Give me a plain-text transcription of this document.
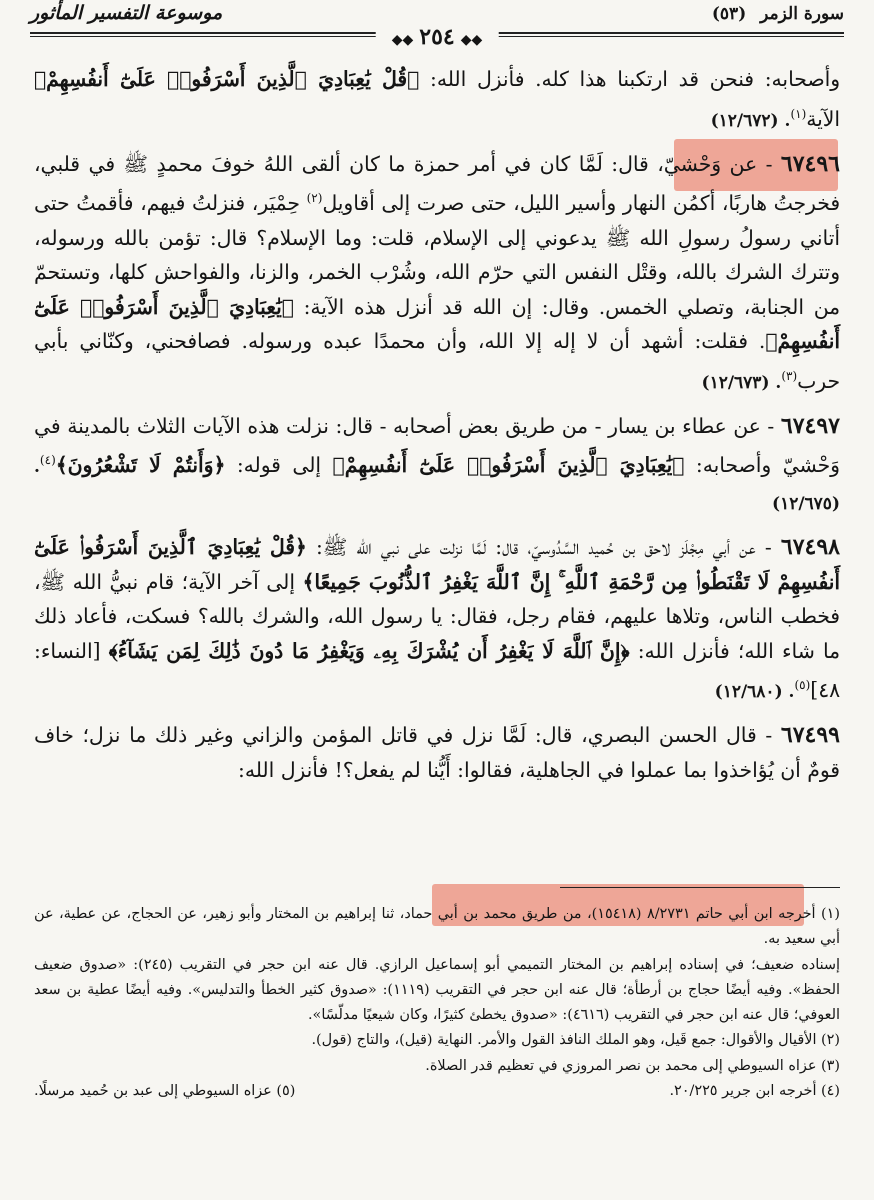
سورة الزمر (٥٣)
موسوعة التفسير المأثور
◆◆٢٥٤◆◆

وأصحابه: فنحن قد ارتكبنا هذا كله. فأنزل الله: ﴿قُلْ يَٰعِبَادِيَ ٱلَّذِينَ أَسْرَفُوا۟ عَلَىٰٓ أَنفُسِهِمْ﴾ الآية$^{(١)}$. (١٢/٦٧٢)

٦٧٤٩٦ - عن وَحْشيّ، قال: لَمَّا كان في أمر حمزة ما كان ألقى اللهُ خوفَ محمدٍ ﷺ في قلبي، فخرجتُ هاربًا، أكمُن النهار وأسير الليل، حتى صرت إلى أقاويل$^{(٢)}$ حِمْيَر، فنزلتُ فيهم، فأقمتُ حتى أتاني رسولُ رسولِ الله ﷺ يدعوني إلى الإسلام، قلت: وما الإسلام؟ قال: تؤمن بالله ورسوله، وتترك الشرك بالله، وقتْل النفس التي حرّم الله، وشُرْب الخمر، والزنا، والفواحش كلها، وتستحمّ من الجنابة، وتصلي الخمس. وقال: إن الله قد أنزل هذه الآية: ﴿يَٰعِبَادِيَ ٱلَّذِينَ أَسْرَفُوا۟ عَلَىٰٓ أَنفُسِهِمْ﴾. فقلت: أشهد أن لا إله إلا الله، وأن محمدًا عبده ورسوله. فصافحني، وكنّاني بأبي حرب$^{(٣)}$. (١٢/٦٧٣)

٦٧٤٩٧ - عن عطاء بن يسار - من طريق بعض أصحابه - قال: نزلت هذه الآيات الثلاث بالمدينة في وَحْشيّ وأصحابه: ﴿يَٰعِبَادِيَ ٱلَّذِينَ أَسْرَفُوا۟ عَلَىٰٓ أَنفُسِهِمْ﴾ إلى قوله: ﴿وَأَنتُمْ لَا تَشْعُرُونَ﴾$^{(٤)}$. (١٢/٦٧٥)

٦٧٤٩٨ - عن أبي مِجْلَز لاحق بن حُميد السَّدُوسيّ، قال: لَمَّا نزلت على نبي الله ﷺ: ﴿قُلْ يَٰعِبَادِيَ ٱلَّذِينَ أَسْرَفُوا۟ عَلَىٰٓ أَنفُسِهِمْ لَا تَقْنَطُوا۟ مِن رَّحْمَةِ ٱللَّهِ ۚ إِنَّ ٱللَّهَ يَغْفِرُ ٱلذُّنُوبَ جَمِيعًا﴾ إلى آخر الآية؛ قام نبيُّ الله ﷺ، فخطب الناس، وتلاها عليهم، فقام رجل، فقال: يا رسول الله، والشرك بالله؟ فسكت، فأعاد ذلك ما شاء الله؛ فأنزل الله: ﴿إِنَّ ٱللَّهَ لَا يَغْفِرُ أَن يُشْرَكَ بِهِۦ وَيَغْفِرُ مَا دُونَ ذَٰلِكَ لِمَن يَشَآءُ﴾ [النساء: ٤٨]$^{(٥)}$. (١٢/٦٨٠)

٦٧٤٩٩ - قال الحسن البصري، قال: لَمَّا نزل في قاتل المؤمن والزاني وغير ذلك ما نزل؛ خاف قومٌ أن يُؤاخذوا بما عملوا في الجاهلية، فقالوا: أَيُّنا لم يفعل؟! فأنزل الله:

(١) أخرجه ابن أبي حاتم ٨/٢٧٣١ (١٥٤١٨)، من طريق محمد بن أبي حماد، ثنا إبراهيم بن المختار وأبو زهير، عن الحجاج، عن عطية، عن أبي سعيد به.

إسناده ضعيف؛ في إسناده إبراهيم بن المختار التميمي أبو إسماعيل الرازي. قال عنه ابن حجر في التقريب (٢٤٥): «صدوق ضعيف الحفظ». وفيه أيضًا حجاج بن أرطأة؛ قال عنه ابن حجر في التقريب (١١١٩): «صدوق كثير الخطأ والتدليس». وفيه أيضًا عطية بن سعد العوفي؛ قال عنه ابن حجر في التقريب (٤٦١٦): «صدوق يخطئ كثيرًا، وكان شيعيًا مدلّسًا».

(٢) الأقيال والأقوال: جمع قَيل، وهو الملك النافذ القول والأمر. النهاية (قيل)، والتاج (قول).

(٣) عزاه السيوطي إلى محمد بن نصر المروزي في تعظيم قدر الصلاة.

(٤) أخرجه ابن جرير ٢٠/٢٢٥.
(٥) عزاه السيوطي إلى عبد بن حُميد مرسلًا.
